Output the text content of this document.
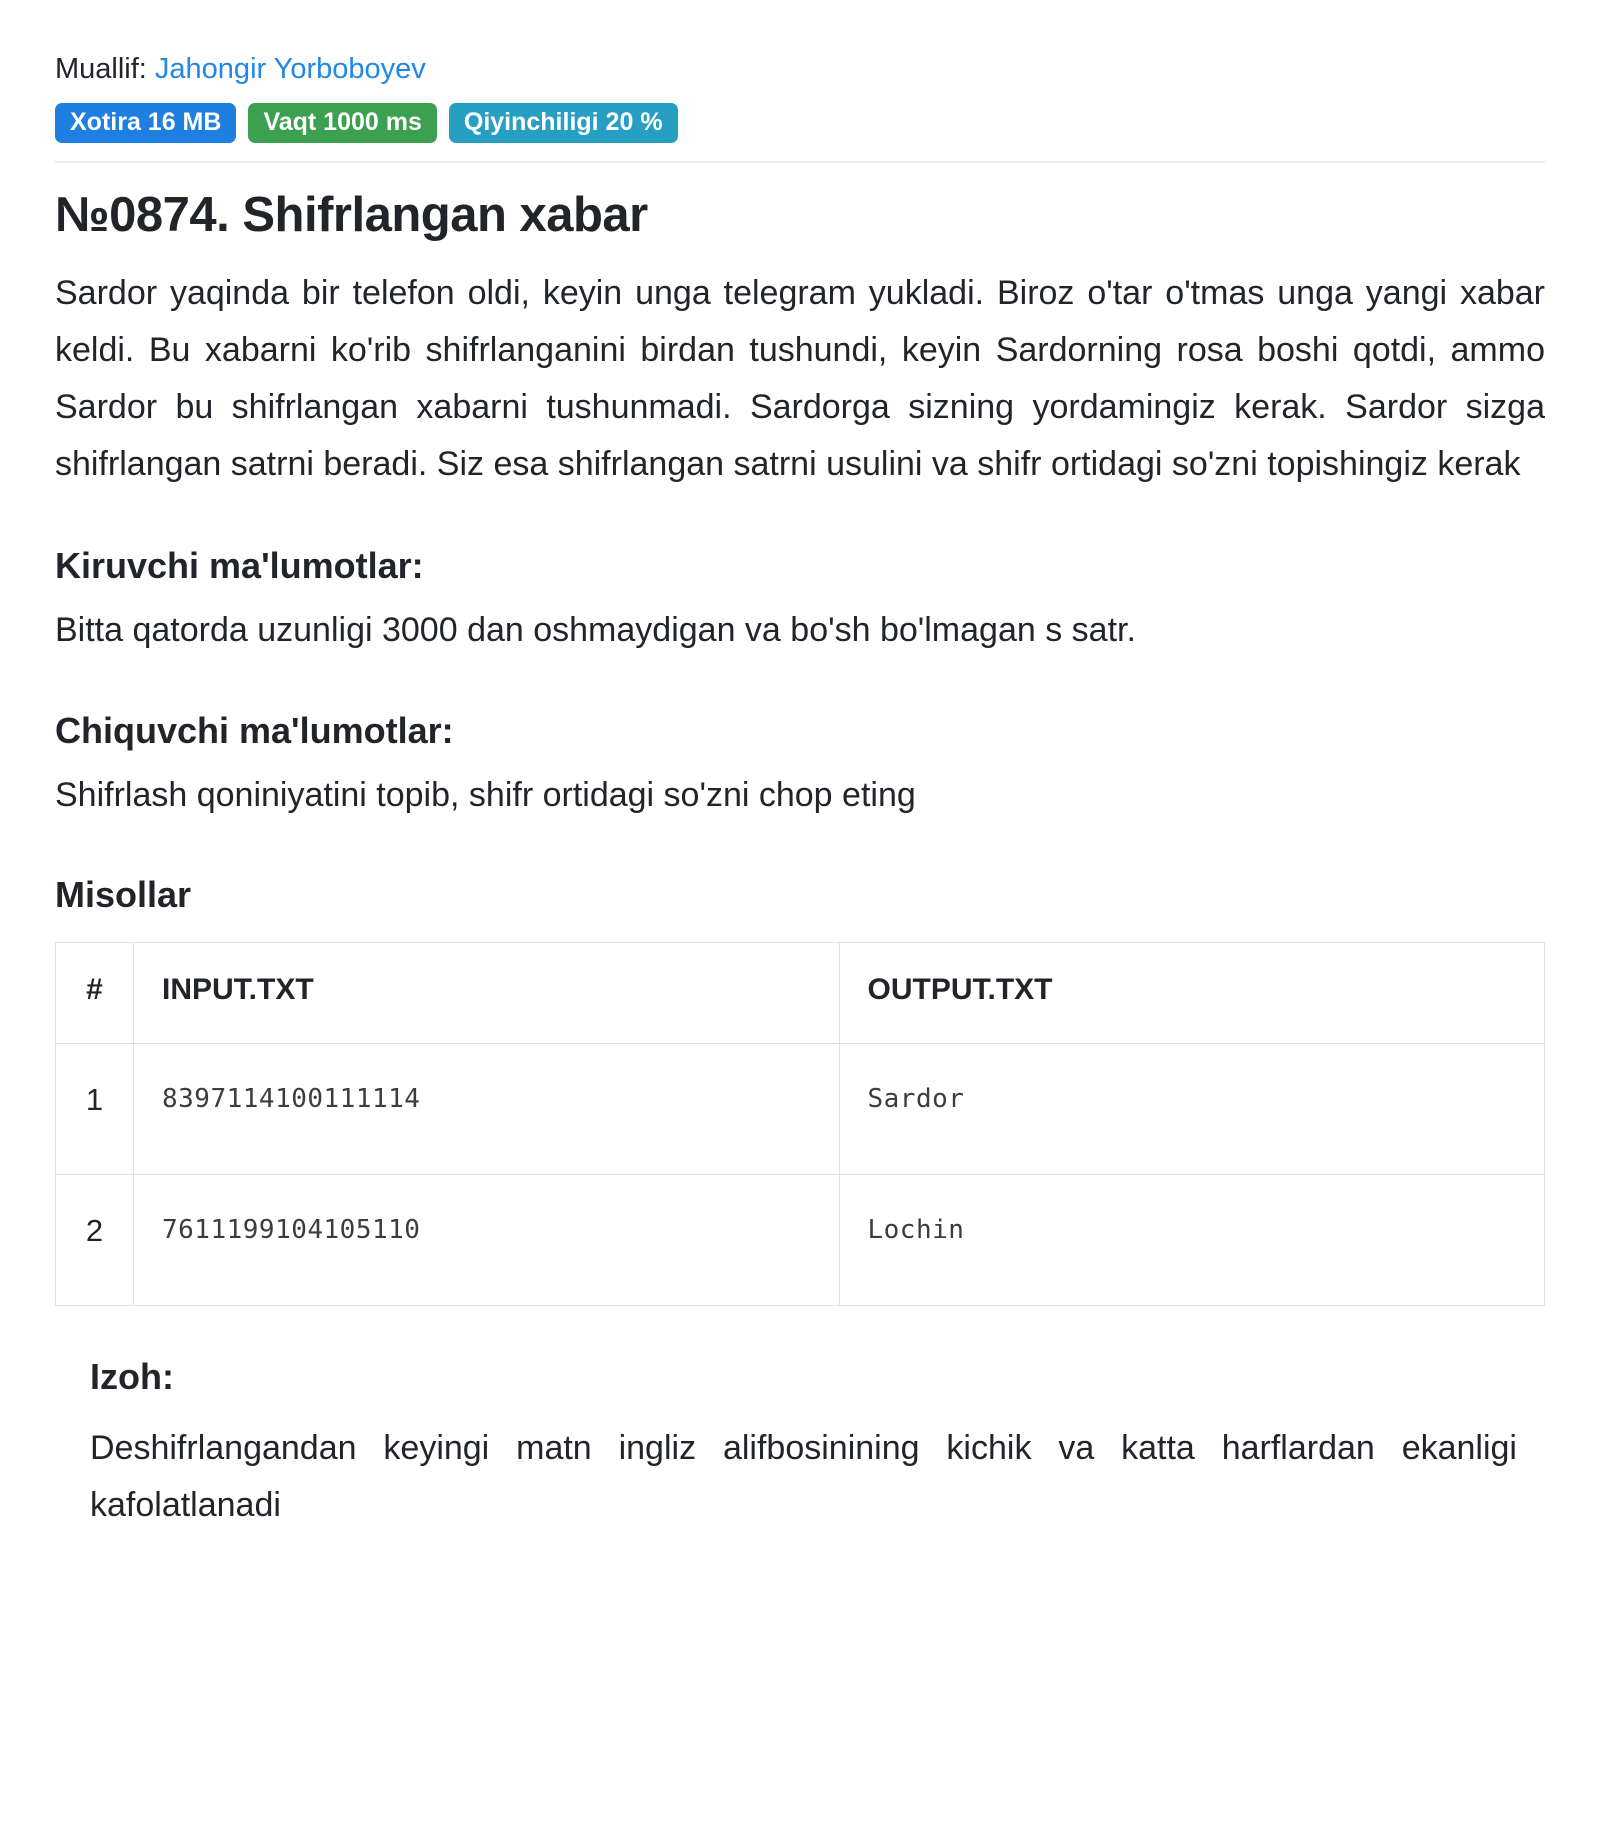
Muallif: Jahongir Yorboboyev
Xotira 16 MB	Vaqt 1000 ms	Qiyinchiligi 20 %
№0874. Shifrlangan xabar

Sardor yaqinda bir telefon oldi, keyin unga telegram yukladi. Biroz o'tar o'tmas unga yangi xabar keldi. Bu xabarni ko'rib shifrlanganini birdan tushundi, keyin Sardorning rosa boshi qotdi, ammo Sardor bu shifrlangan xabarni tushunmadi. Sardorga sizning yordamingiz kerak. Sardor sizga shifrlangan satrni beradi. Siz esa shifrlangan satrni usulini va shifr ortidagi so'zni topishingiz kerak

Kiruvchi ma'lumotlar:

Bitta qatorda uzunligi 3000 dan oshmaydigan va bo'sh bo'lmagan s satr.

Chiquvchi ma'lumotlar:

Shifrlash qoniniyatini topib, shifr ortidagi so'zni chop eting

Misollar
#	INPUT.TXT	OUTPUT.TXT
1	8397114100111114	Sardor
2	7611199104105110	Lochin
Izoh:

Deshifrlangandan keyingi matn ingliz alifbosinining kichik va katta harflardan ekanligi kafolatlanadi
